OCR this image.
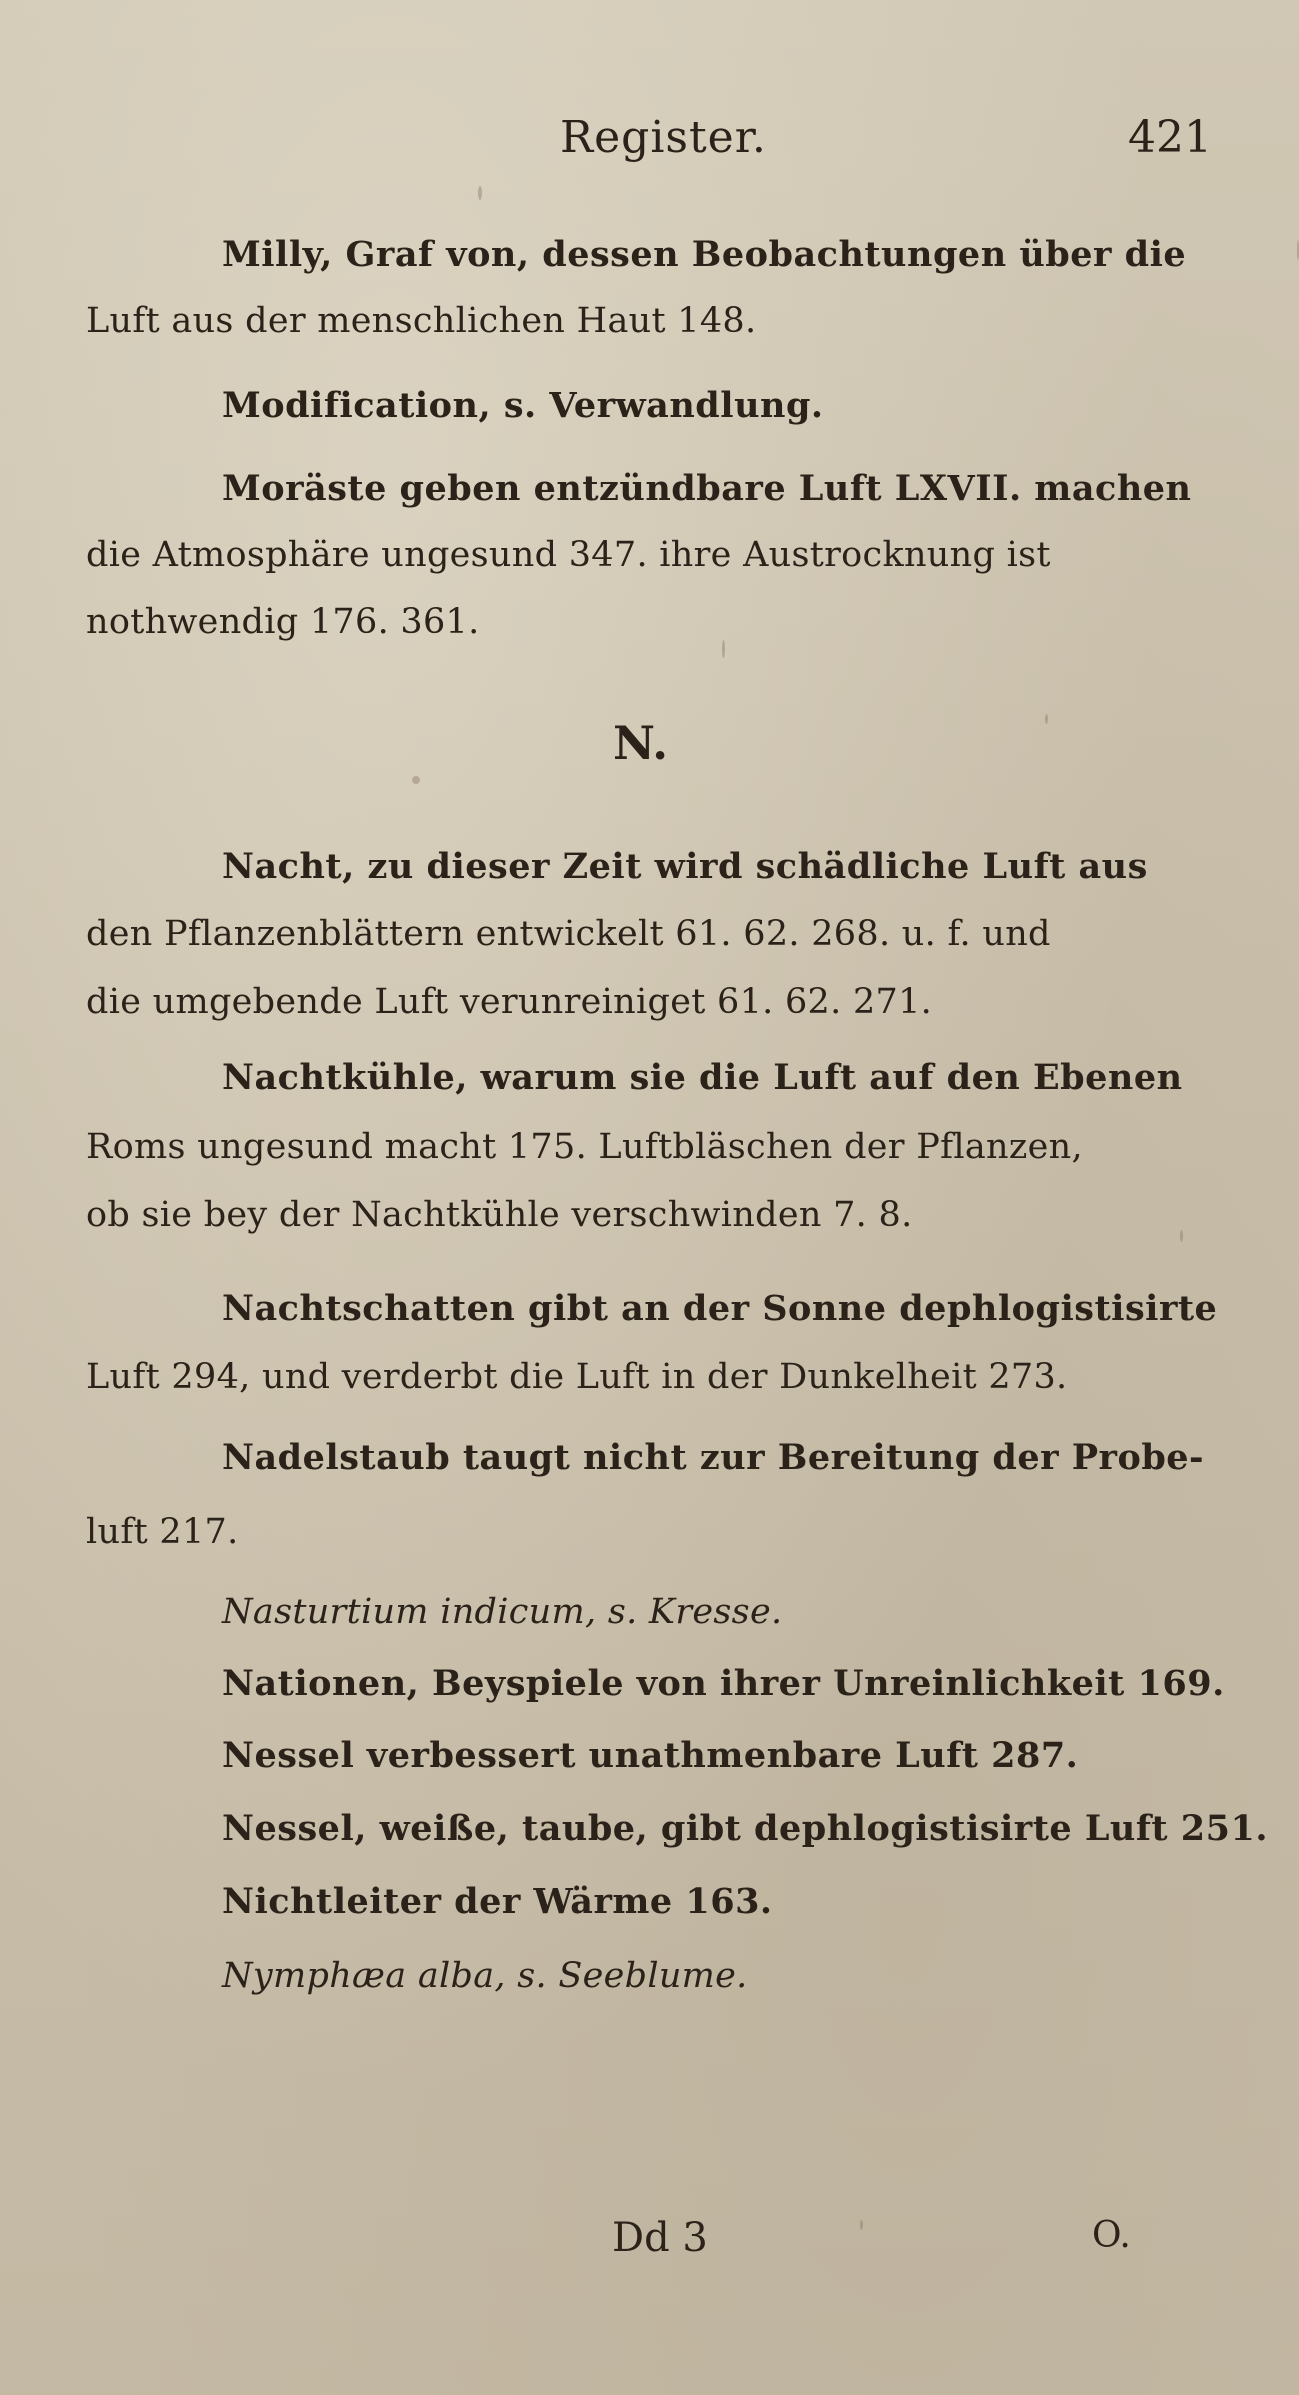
Register.	421
Milly, Graf von, dessen Beobachtungen über die
Luft aus der menschlichen Haut 148.
Modification, s. Verwandlung.
Moräste geben entzündbare Luft LXVII. machen
die Atmosphäre ungesund 347. ihre Austrocknung ist
nothwendig 176. 361.
N.
Nacht, zu dieser Zeit wird schädliche Luft aus
den Pflanzenblättern entwickelt 61. 62. 268. u. f. und
die umgebende Luft verunreiniget 61. 62. 271.
Nachtkühle, warum sie die Luft auf den Ebenen
Roms ungesund macht 175. Luftbläschen der Pflanzen,
ob sie bey der Nachtkühle verschwinden 7. 8.
Nachtschatten gibt an der Sonne dephlogistisirte
Luft 294, und verderbt die Luft in der Dunkelheit 273.
Nadelstaub taugt nicht zur Bereitung der Probe-
luft 217.
Nasturtium indicum, s. Kresse.
Nationen, Beyspiele von ihrer Unreinlichkeit 169.
Nessel verbessert unathmenbare Luft 287.
Nessel, weiße, taube, gibt dephlogistisirte Luft 251.
Nichtleiter der Wärme 163.
Nymphæa alba, s. Seeblume.
Dd 3	O.
